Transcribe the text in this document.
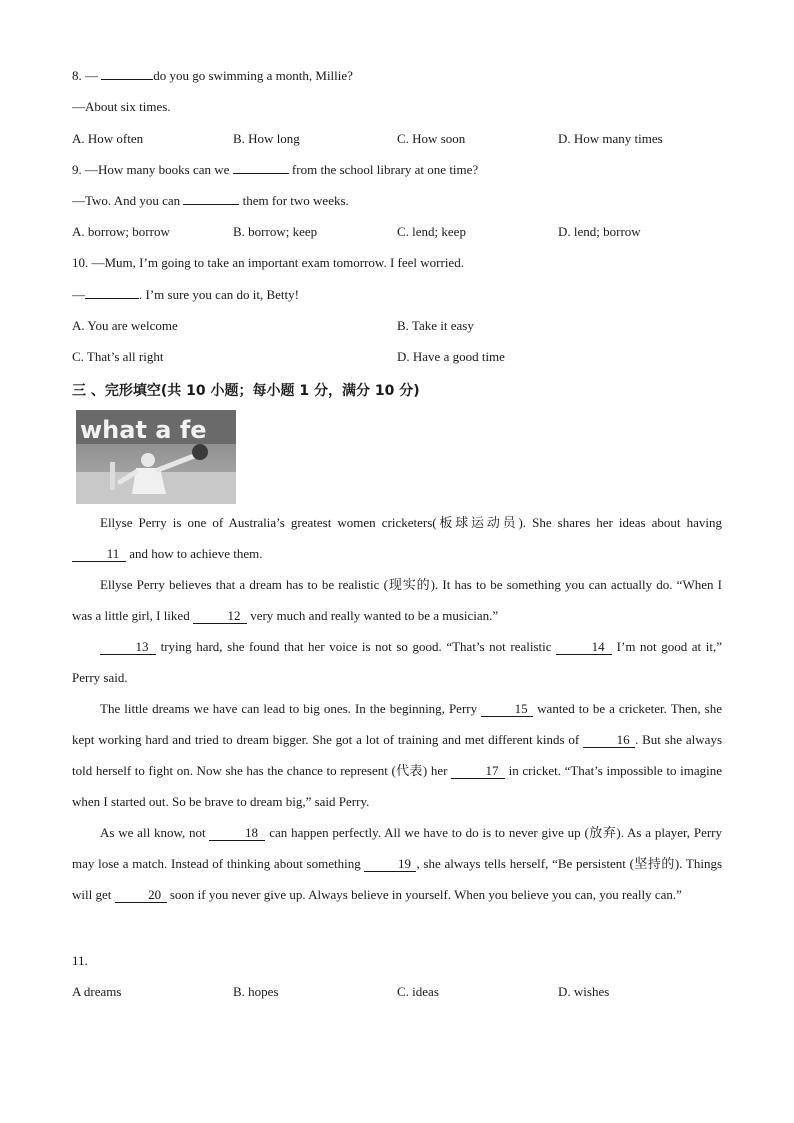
8. —	do you go swimming a month, Millie?
—About six times.
A. How often	B. How long	C. How soon	D. How many times
9. —How many books can we	from the school library at one time?
—Two. And you can	them for two weeks.
A. borrow; borrow	B. borrow; keep	C. lend; keep	D. lend; borrow
10. —Mum, I’m going to take an important exam tomorrow. I feel worried.
—	. I’m sure you can do it, Betty!
A. You are welcome	B. Take it easy
C. That’s all right	D. Have a good time
三 、完形填空(共 10 小题；每小题 1 分，满分 10 分)
what a fe

Ellyse Perry is one of Australia’s greatest women cricketers(板球运动员). She shares her ideas about having 11 and how to achieve them.

Ellyse Perry believes that a dream has to be realistic (现实的). It has to be something you can actually do. “When I was a little girl, I liked	12 very much and really wanted to be a musician.”

13 trying hard, she found that her voice is not so good. “That’s not realistic	14 I’m not good at it,” Perry said.

The little dreams we have can lead to big ones. In the beginning, Perry	15 wanted to be a cricketer. Then, she kept working hard and tried to dream bigger. She got a lot of training and met different kinds of	16 . But she always told herself to fight on. Now she has the chance to represent (代表) her	17 in cricket. “That’s impossible to imagine when I started out. So be brave to dream big,” said Perry.

As we all know, not	18 can happen perfectly. All we have to do is to never give up (放弃). As a player, Perry may lose a match. Instead of thinking about something	19 , she always tells herself, “Be persistent (坚持的). Things will get	20 soon if you never give up. Always believe in yourself. When you believe you can, you really can.”

11.
A dreams	B. hopes	C. ideas	D. wishes
